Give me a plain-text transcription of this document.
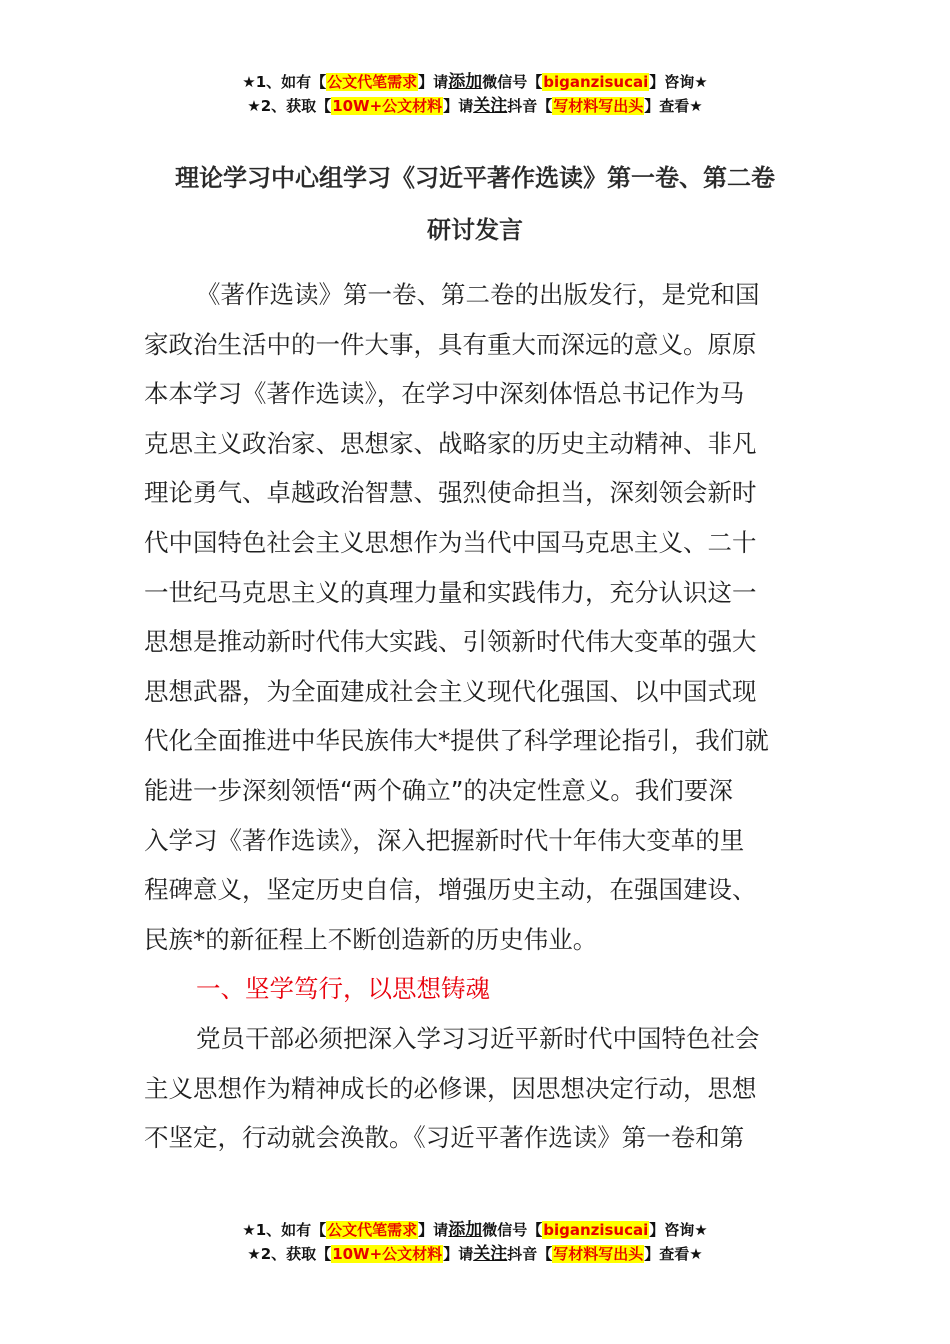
★1、如有【公文代笔需求】请添加微信号【biganzisucai】咨询★
★2、获取【10W+公文材料】请关注抖音【写材料写出头】查看★
理论学习中心组学习《习近平著作选读》第一卷、第二卷
研讨发言
《著作选读》第一卷、第二卷的出版发行，是党和国
家政治生活中的一件大事，具有重大而深远的意义。原原
本本学习《著作选读》，在学习中深刻体悟总书记作为马
克思主义政治家、思想家、战略家的历史主动精神、非凡
理论勇气、卓越政治智慧、强烈使命担当，深刻领会新时
代中国特色社会主义思想作为当代中国马克思主义、二十
一世纪马克思主义的真理力量和实践伟力，充分认识这一
思想是推动新时代伟大实践、引领新时代伟大变革的强大
思想武器，为全面建成社会主义现代化强国、以中国式现
代化全面推进中华民族伟大*提供了科学理论指引，我们就
能进一步深刻领悟“两个确立”的决定性意义。我们要深
入学习《著作选读》，深入把握新时代十年伟大变革的里
程碑意义，坚定历史自信，增强历史主动，在强国建设、
民族*的新征程上不断创造新的历史伟业。
一、坚学笃行，以思想铸魂
党员干部必须把深入学习习近平新时代中国特色社会
主义思想作为精神成长的必修课，因思想决定行动，思想
不坚定，行动就会涣散。《习近平著作选读》第一卷和第
★1、如有【公文代笔需求】请添加微信号【biganzisucai】咨询★
★2、获取【10W+公文材料】请关注抖音【写材料写出头】查看★
